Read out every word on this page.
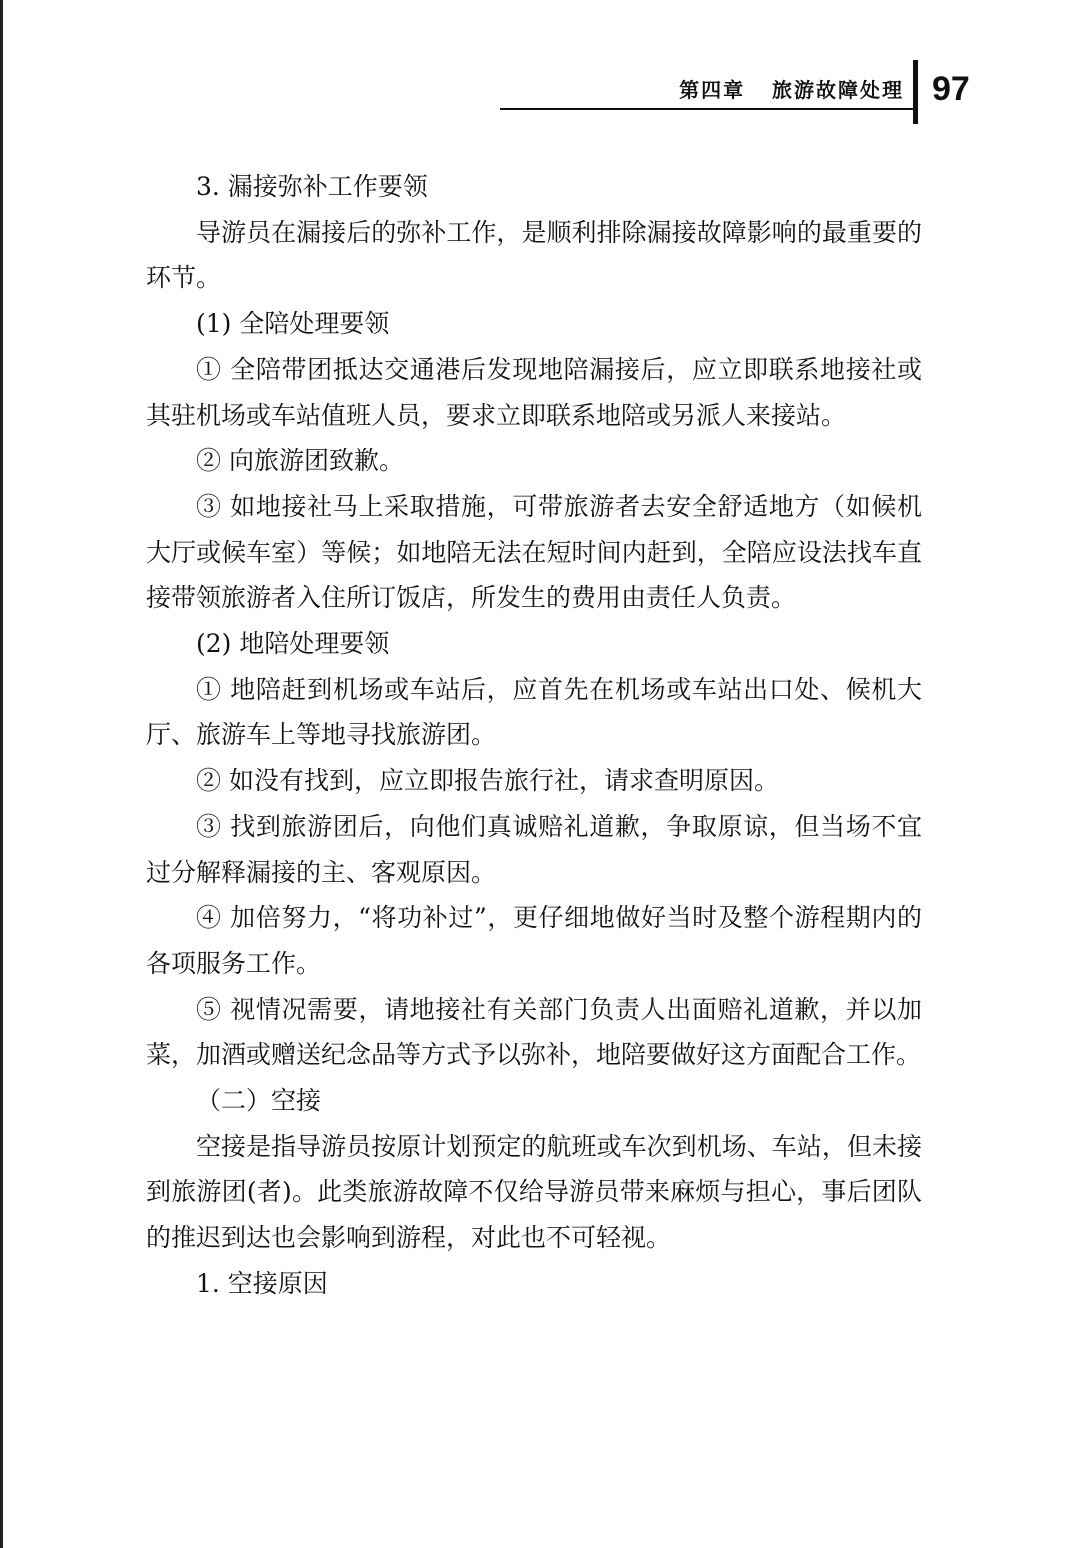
第四章   旅游故障处理 97

3. 漏接弥补工作要领

导游员在漏接后的弥补工作，是顺利排除漏接故障影响的最重要的环节。

(1) 全陪处理要领

① 全陪带团抵达交通港后发现地陪漏接后，应立即联系地接社或其驻机场或车站值班人员，要求立即联系地陪或另派人来接站。

② 向旅游团致歉。

③ 如地接社马上采取措施，可带旅游者去安全舒适地方（如候机大厅或候车室）等候；如地陪无法在短时间内赶到，全陪应设法找车直接带领旅游者入住所订饭店，所发生的费用由责任人负责。

(2) 地陪处理要领

① 地陪赶到机场或车站后，应首先在机场或车站出口处、候机大厅、旅游车上等地寻找旅游团。

② 如没有找到，应立即报告旅行社，请求查明原因。

③ 找到旅游团后，向他们真诚赔礼道歉，争取原谅，但当场不宜过分解释漏接的主、客观原因。

④ 加倍努力，“将功补过”，更仔细地做好当时及整个游程期内的各项服务工作。

⑤ 视情况需要，请地接社有关部门负责人出面赔礼道歉，并以加菜，加酒或赠送纪念品等方式予以弥补，地陪要做好这方面配合工作。

（二）空接

空接是指导游员按原计划预定的航班或车次到机场、车站，但未接到旅游团(者)。此类旅游故障不仅给导游员带来麻烦与担心，事后团队的推迟到达也会影响到游程，对此也不可轻视。

1. 空接原因
